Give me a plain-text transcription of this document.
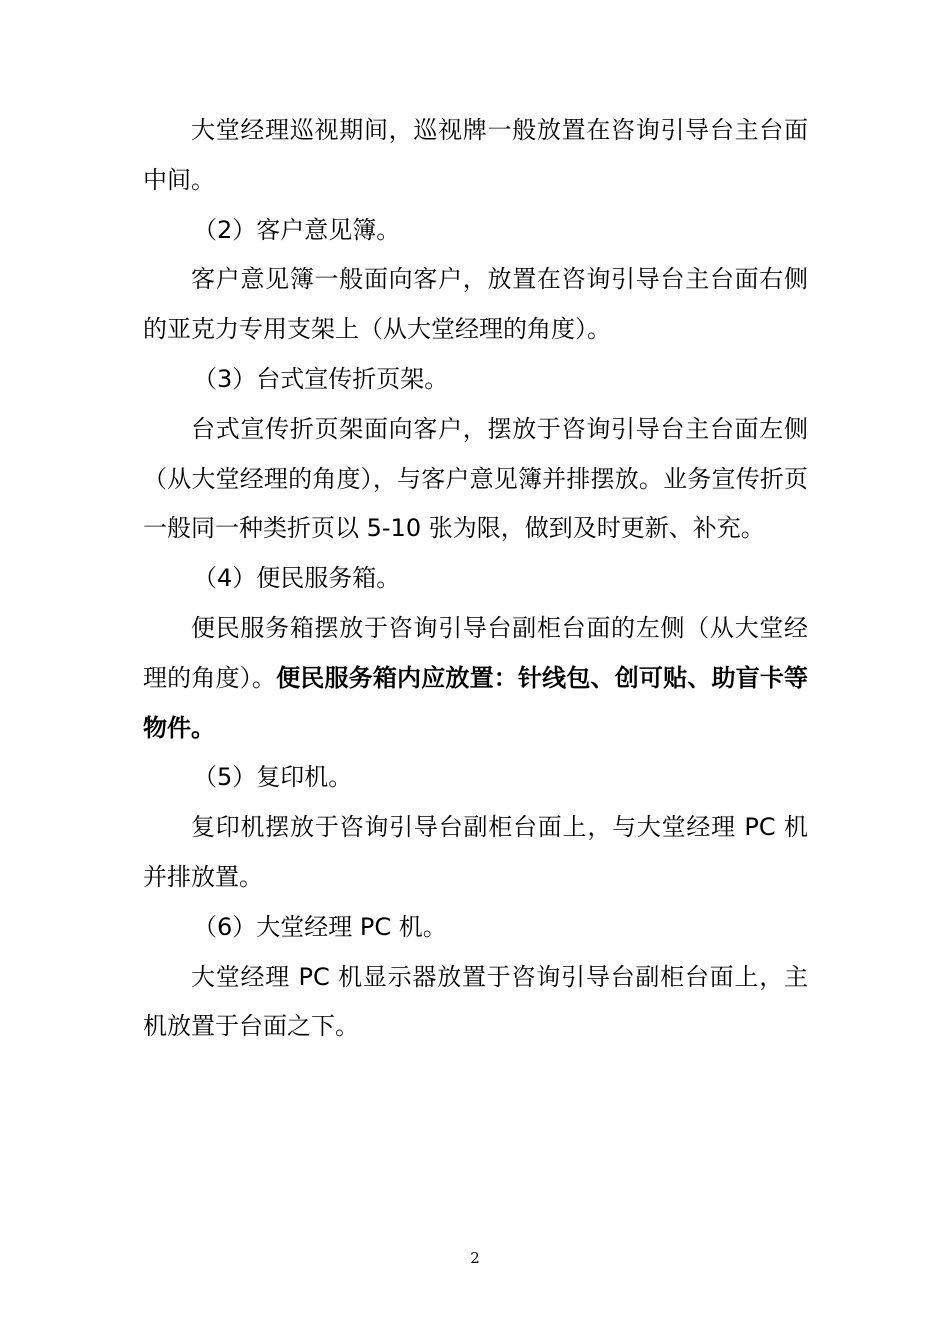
大堂经理巡视期间，巡视牌一般放置在咨询引导台主台面中间。

（2）客户意见簿。

客户意见簿一般面向客户，放置在咨询引导台主台面右侧的亚克力专用支架上（从大堂经理的角度）。

（3）台式宣传折页架。

台式宣传折页架面向客户，摆放于咨询引导台主台面左侧（从大堂经理的角度），与客户意见簿并排摆放。业务宣传折页一般同一种类折页以 5-10 张为限，做到及时更新、补充。

（4）便民服务箱。

便民服务箱摆放于咨询引导台副柜台面的左侧（从大堂经理的角度）。便民服务箱内应放置：针线包、创可贴、助盲卡等物件。

（5）复印机。

复印机摆放于咨询引导台副柜台面上，与大堂经理 PC 机并排放置。

（6）大堂经理 PC 机。

大堂经理 PC 机显示器放置于咨询引导台副柜台面上，主机放置于台面之下。

2
